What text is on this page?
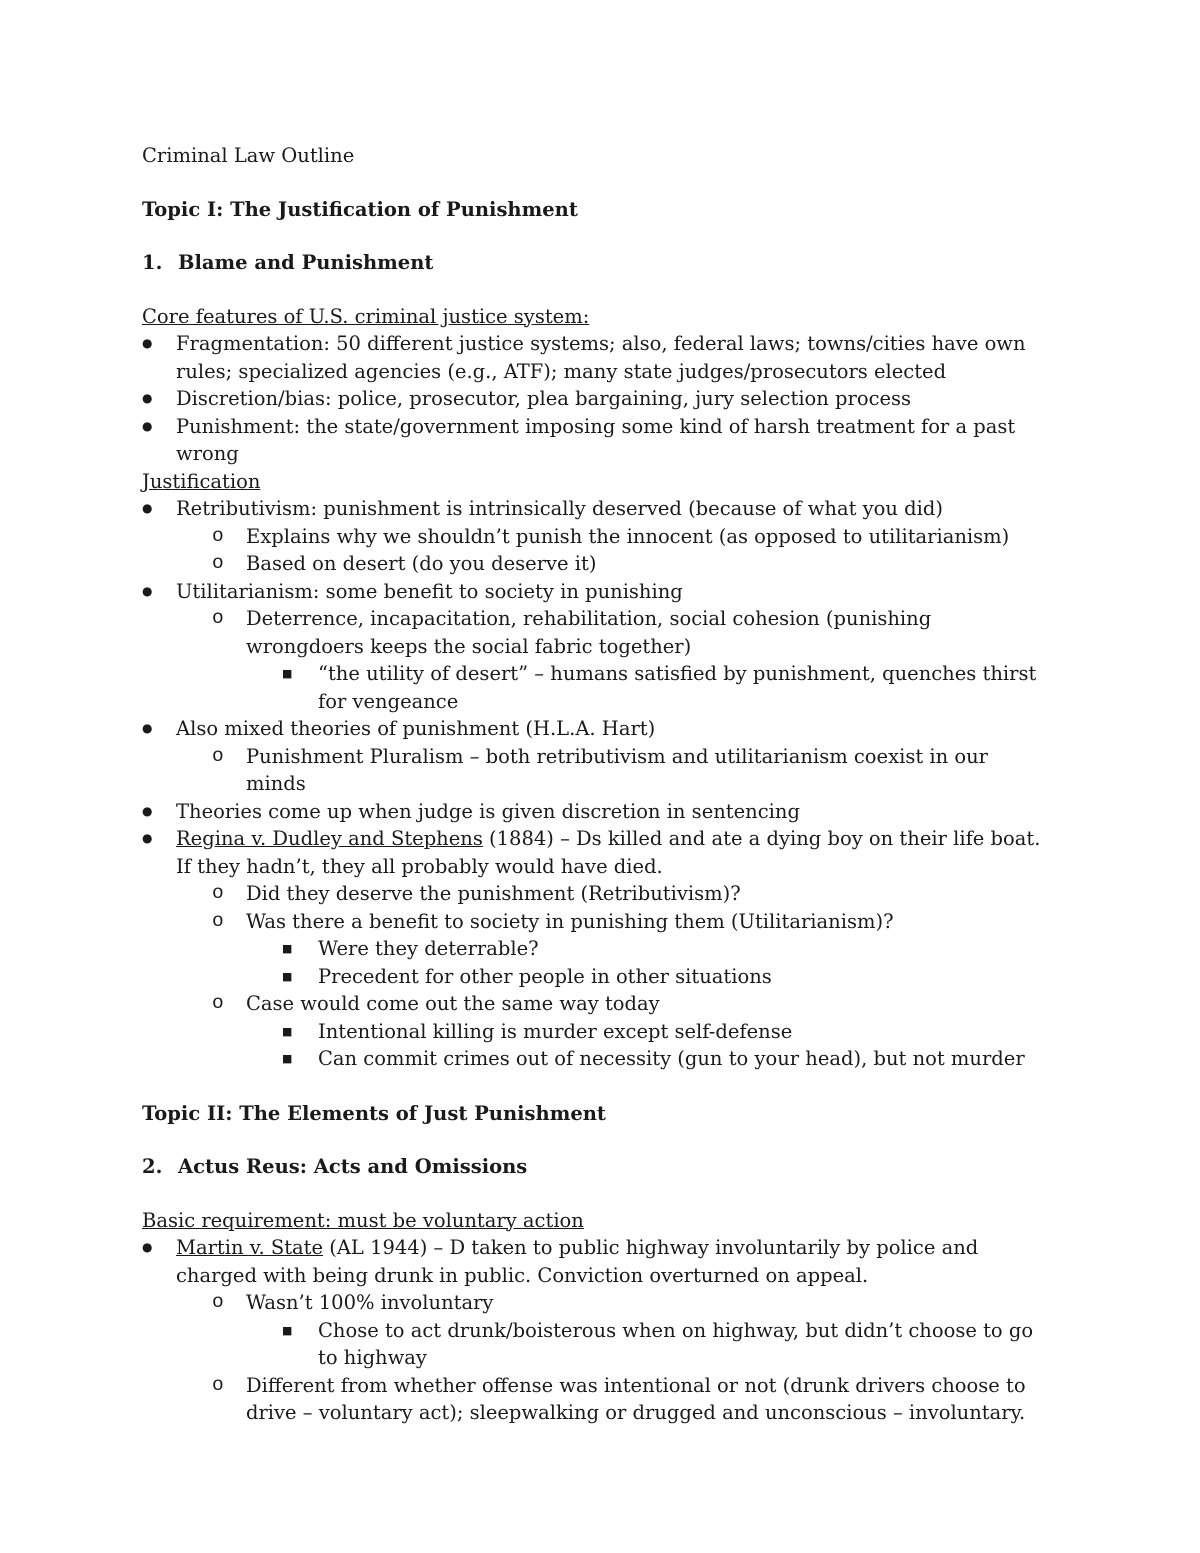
Criminal Law Outline
Topic I: The Justification of Punishment
1. Blame and Punishment
Core features of U.S. criminal justice system:
● Fragmentation: 50 different justice systems; also, federal laws; towns/cities have own rules; specialized agencies (e.g., ATF); many state judges/prosecutors elected
● Discretion/bias: police, prosecutor, plea bargaining, jury selection process
● Punishment: the state/government imposing some kind of harsh treatment for a past wrong
Justification
● Retributivism: punishment is intrinsically deserved (because of what you did)
o Explains why we shouldn’t punish the innocent (as opposed to utilitarianism)
o Based on desert (do you deserve it)
● Utilitarianism: some benefit to society in punishing
o Deterrence, incapacitation, rehabilitation, social cohesion (punishing wrongdoers keeps the social fabric together)
■ “the utility of desert” – humans satisfied by punishment, quenches thirst for vengeance
● Also mixed theories of punishment (H.L.A. Hart)
o Punishment Pluralism – both retributivism and utilitarianism coexist in our minds
● Theories come up when judge is given discretion in sentencing
● Regina v. Dudley and Stephens (1884) – Ds killed and ate a dying boy on their life boat. If they hadn’t, they all probably would have died.
o Did they deserve the punishment (Retributivism)?
o Was there a benefit to society in punishing them (Utilitarianism)?
■ Were they deterrable?
■ Precedent for other people in other situations
o Case would come out the same way today
■ Intentional killing is murder except self-defense
■ Can commit crimes out of necessity (gun to your head), but not murder
Topic II: The Elements of Just Punishment
2. Actus Reus: Acts and Omissions
Basic requirement: must be voluntary action
● Martin v. State (AL 1944) – D taken to public highway involuntarily by police and charged with being drunk in public. Conviction overturned on appeal.
o Wasn’t 100% involuntary
■ Chose to act drunk/boisterous when on highway, but didn’t choose to go to highway
o Different from whether offense was intentional or not (drunk drivers choose to drive – voluntary act); sleepwalking or drugged and unconscious – involuntary.
